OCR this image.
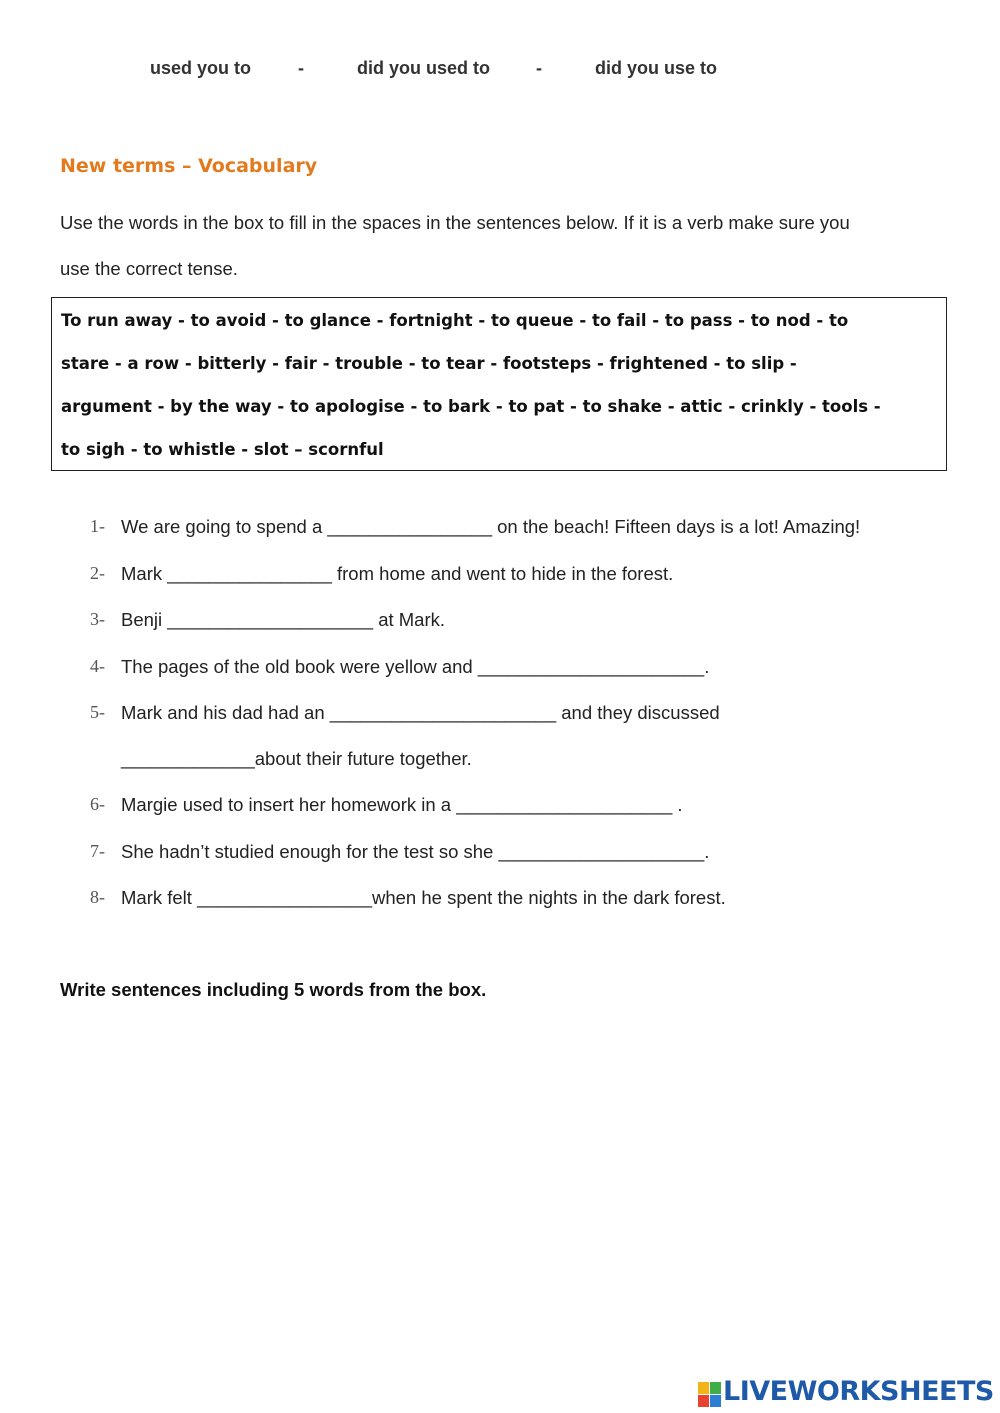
used you to	-	did you used to	-	did you use to
New terms – Vocabulary
Use the words in the box to fill in the spaces in the sentences below. If it is a verb make sure you
use the correct tense.

To run away - to avoid - to glance - fortnight - to queue - to fail - to pass - to nod - to

stare - a row - bitterly - fair - trouble - to tear - footsteps - frightened - to slip -

argument - by the way - to apologise - to bark - to pat - to shake - attic - crinkly - tools -

to sigh - to whistle - slot – scornful

1- We are going to spend a ________________ on the beach! Fifteen days is a lot! Amazing!
2- Mark ________________ from home and went to hide in the forest.
3- Benji ____________________ at Mark.
4- The pages of the old book were yellow and ______________________.
5- Mark and his dad had an ______________________ and they discussed
_____________about their future together.
6- Margie used to insert her homework in a _____________________ .
7- She hadn’t studied enough for the test so she ____________________.
8- Mark felt _________________when he spent the nights in the dark forest.
Write sentences including 5 words from the box.
LIVEWORKSHEETS
